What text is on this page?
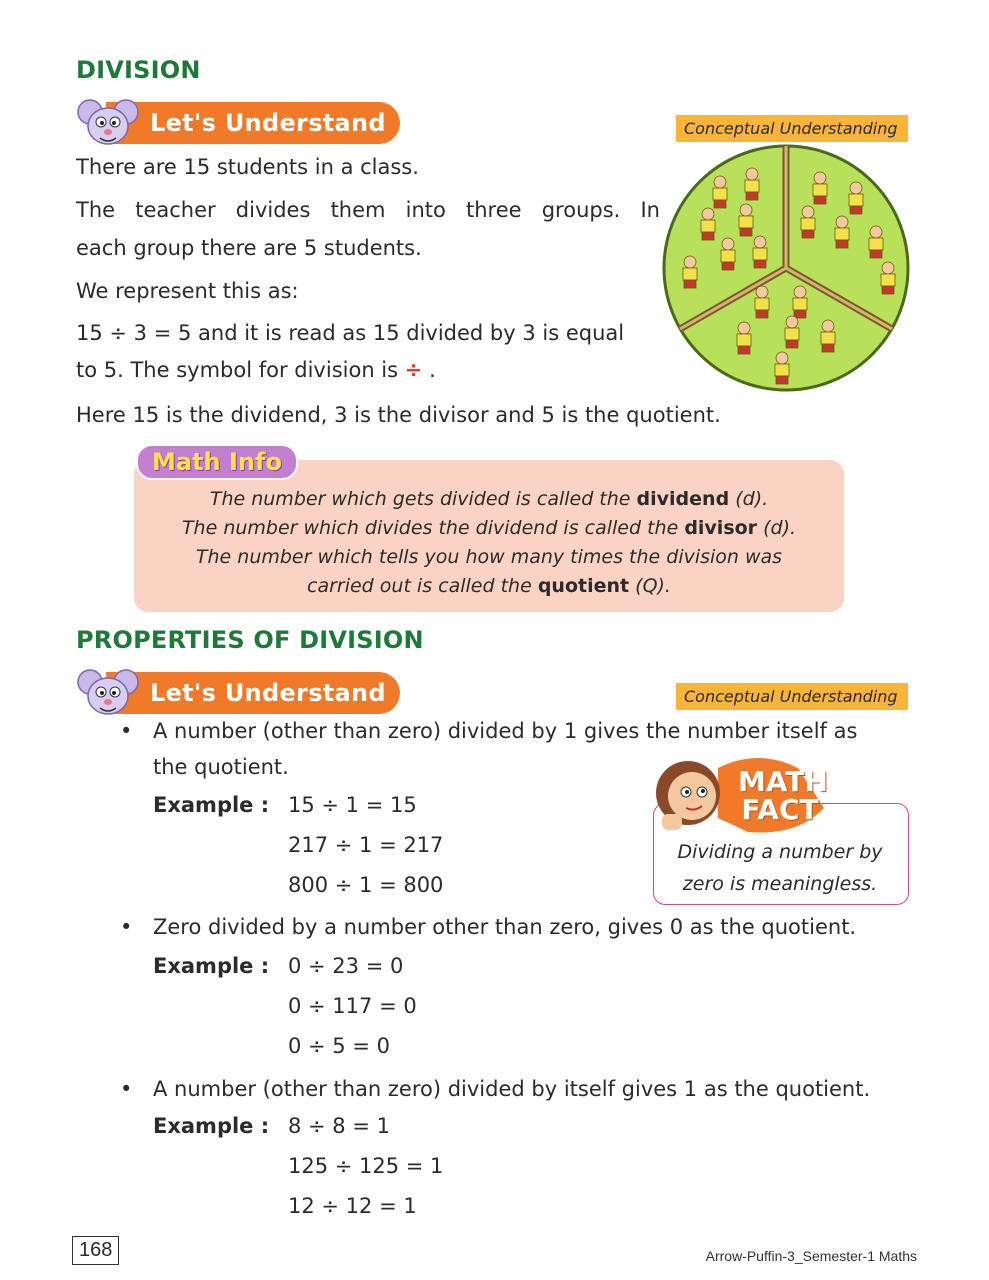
DIVISION
Let's Understand	Conceptual Understanding
There are 15 students in a class.
The teacher divides them into three groups. In
each group there are 5 students.
We represent this as:
15 ÷ 3 = 5 and it is read as 15 divided by 3 is equal
to 5. The symbol for division is ÷ .
Here 15 is the dividend, 3 is the divisor and 5 is the quotient.
Math Info
The number which gets divided is called the dividend (d).
The number which divides the dividend is called the divisor (d).
The number which tells you how many times the division was
carried out is called the quotient (Q).
PROPERTIES OF DIVISION
Let's Understand	Conceptual Understanding
• A number (other than zero) divided by 1 gives the number itself as
the quotient.
Example : 15 ÷ 1 = 15
217 ÷ 1 = 217
800 ÷ 1 = 800
MATH
FACT
Dividing a number by
zero is meaningless.
• Zero divided by a number other than zero, gives 0 as the quotient.
Example : 0 ÷ 23 = 0
0 ÷ 117 = 0
0 ÷ 5 = 0
• A number (other than zero) divided by itself gives 1 as the quotient.
Example : 8 ÷ 8 = 1
125 ÷ 125 = 1
12 ÷ 12 = 1
168	Arrow-Puffin-3_Semester-1 Maths
